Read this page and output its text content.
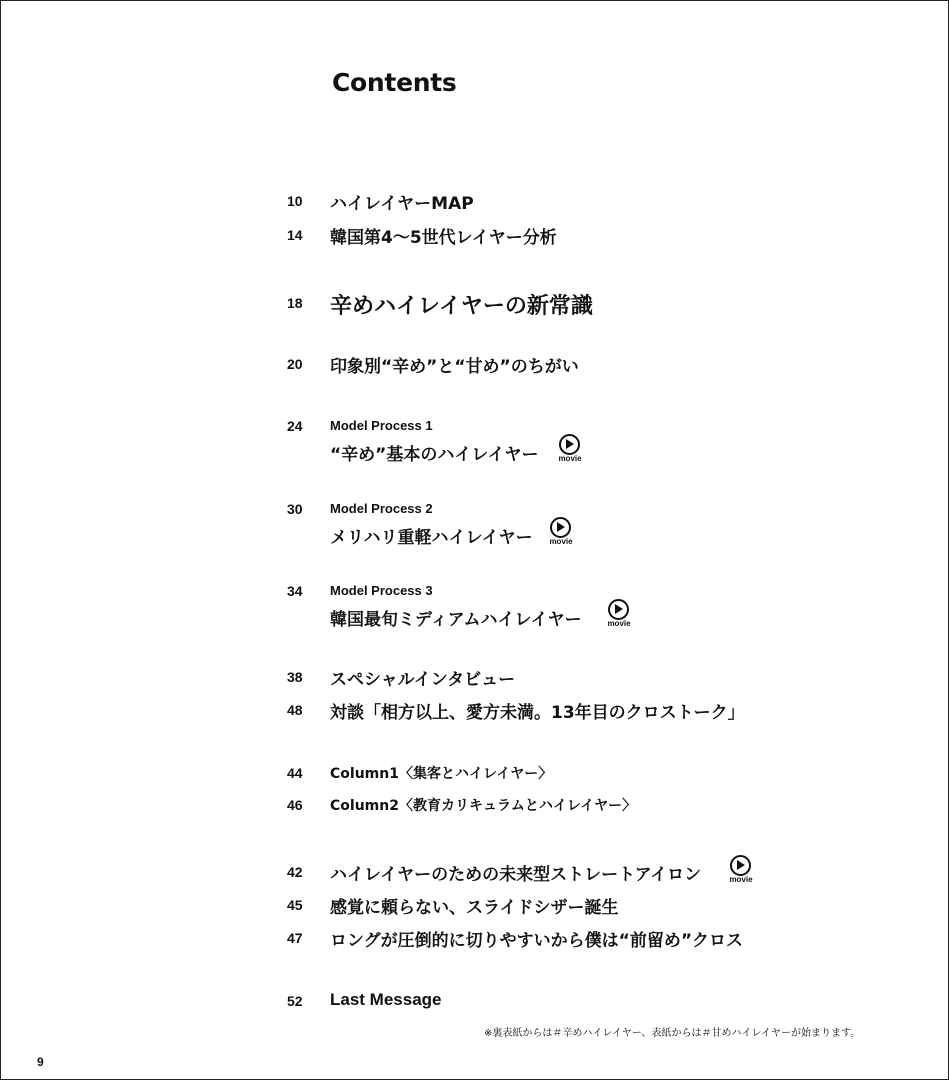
Contents
10 ハイレイヤーMAP
14 韓国第4〜5世代レイヤー分析
18 辛めハイレイヤーの新常識
20 印象別“辛め”と“甘め”のちがい
24 Model Process 1
“辛め”基本のハイレイヤー	movie
30 Model Process 2
メリハリ重軽ハイレイヤー	movie
34 Model Process 3
韓国最旬ミディアムハイレイヤー	movie
38 スペシャルインタビュー
48 対談「相方以上、愛方未満。13年目のクロストーク」
44 Column1〈集客とハイレイヤー〉
46 Column2〈教育カリキュラムとハイレイヤー〉
42 ハイレイヤーのための未来型ストレートアイロン	movie
45 感覚に頼らない、スライドシザー誕生
47 ロングが圧倒的に切りやすいから僕は“前留め”クロス
52 Last Message
※裏表紙からは＃辛めハイレイヤー、表紙からは＃甘めハイレイヤーが始まります。
9
